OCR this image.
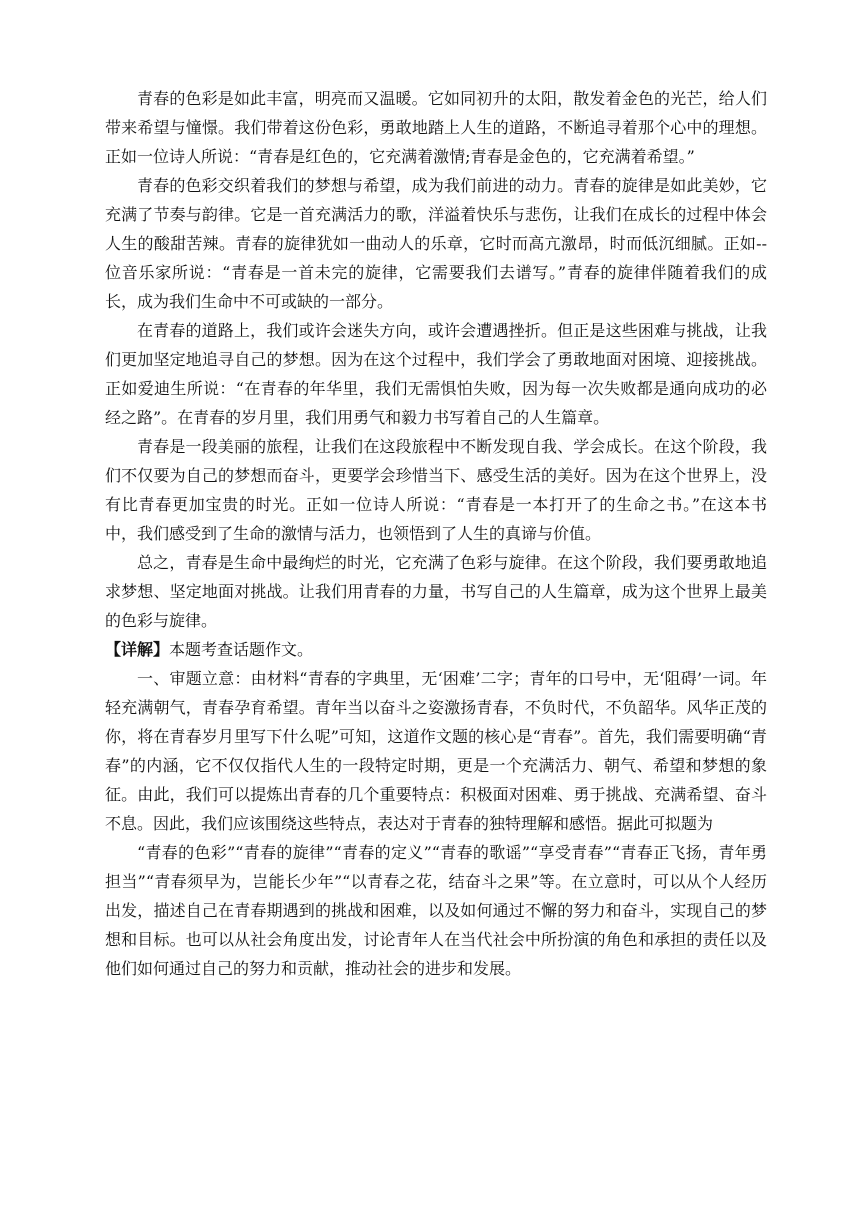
青春的色彩是如此丰富，明亮而又温暖。它如同初升的太阳，散发着金色的光芒，给人们带来希望与憧憬。我们带着这份色彩，勇敢地踏上人生的道路，不断追寻着那个心中的理想。正如一位诗人所说：“青春是红色的，它充满着激情;青春是金色的，它充满着希望。”

青春的色彩交织着我们的梦想与希望，成为我们前进的动力。青春的旋律是如此美妙，它充满了节奏与韵律。它是一首充满活力的歌，洋溢着快乐与悲伤，让我们在成长的过程中体会人生的酸甜苦辣。青春的旋律犹如一曲动人的乐章，它时而高亢激昂，时而低沉细腻。正如--位音乐家所说：“青春是一首未完的旋律，它需要我们去谱写。”青春的旋律伴随着我们的成长，成为我们生命中不可或缺的一部分。

在青春的道路上，我们或许会迷失方向，或许会遭遇挫折。但正是这些困难与挑战，让我们更加坚定地追寻自己的梦想。因为在这个过程中，我们学会了勇敢地面对困境、迎接挑战。正如爱迪生所说：“在青春的年华里，我们无需惧怕失败，因为每一次失败都是通向成功的必经之路”。在青春的岁月里，我们用勇气和毅力书写着自己的人生篇章。

青春是一段美丽的旅程，让我们在这段旅程中不断发现自我、学会成长。在这个阶段，我们不仅要为自己的梦想而奋斗，更要学会珍惜当下、感受生活的美好。因为在这个世界上，没有比青春更加宝贵的时光。正如一位诗人所说：“青春是一本打开了的生命之书。”在这本书中，我们感受到了生命的激情与活力，也领悟到了人生的真谛与价值。

总之，青春是生命中最绚烂的时光，它充满了色彩与旋律。在这个阶段，我们要勇敢地追求梦想、坚定地面对挑战。让我们用青春的力量，书写自己的人生篇章，成为这个世界上最美的色彩与旋律。

【详解】本题考查话题作文。

一、审题立意：由材料“青春的字典里，无‘困难’二字；青年的口号中，无‘阻碍’一词。年轻充满朝气，青春孕育希望。青年当以奋斗之姿激扬青春，不负时代，不负韶华。风华正茂的你，将在青春岁月里写下什么呢”可知，这道作文题的核心是“青春”。首先，我们需要明确“青春”的内涵，它不仅仅指代人生的一段特定时期，更是一个充满活力、朝气、希望和梦想的象征。由此，我们可以提炼出青春的几个重要特点：积极面对困难、勇于挑战、充满希望、奋斗不息。因此，我们应该围绕这些特点，表达对于青春的独特理解和感悟。据此可拟题为

“青春的色彩”“青春的旋律”“青春的定义”“青春的歌谣”“享受青春”“青春正飞扬，青年勇担当”“青春须早为，岂能长少年”“以青春之花，结奋斗之果”等。在立意时，可以从个人经历出发，描述自己在青春期遇到的挑战和困难，以及如何通过不懈的努力和奋斗，实现自己的梦想和目标。也可以从社会角度出发，讨论青年人在当代社会中所扮演的角色和承担的责任以及他们如何通过自己的努力和贡献，推动社会的进步和发展。
